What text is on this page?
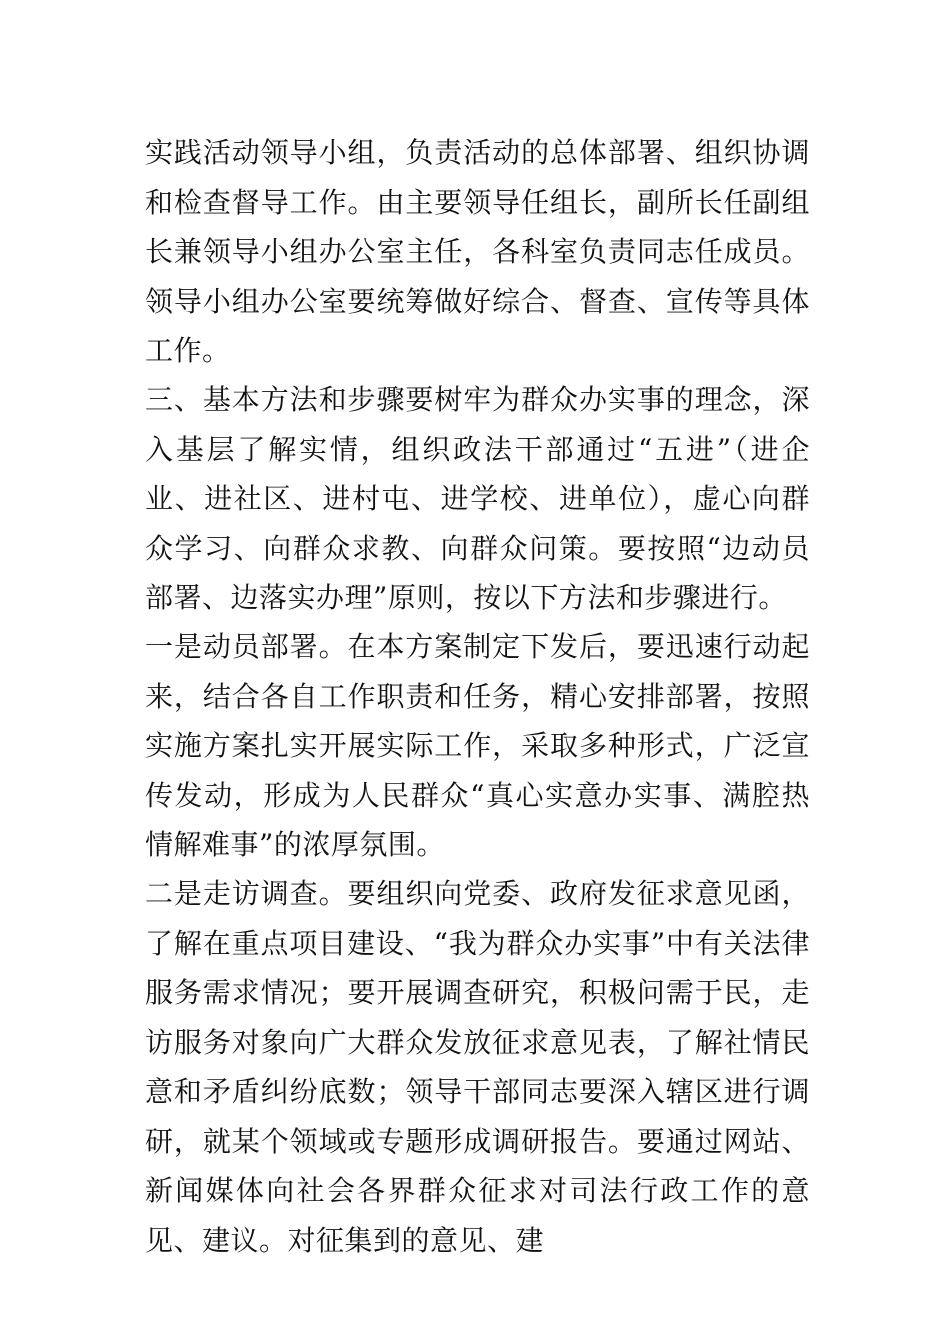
实践活动领导小组，负责活动的总体部署、组织协调和检查督导工作。由主要领导任组长，副所长任副组长兼领导小组办公室主任，各科室负责同志任成员。领导小组办公室要统筹做好综合、督查、宣传等具体工作。

三、基本方法和步骤要树牢为群众办实事的理念，深入基层了解实情，组织政法干部通过“五进”（进企业、进社区、进村屯、进学校、进单位），虚心向群众学习、向群众求教、向群众问策。要按照“边动员部署、边落实办理”原则，按以下方法和步骤进行。

一是动员部署。在本方案制定下发后，要迅速行动起来，结合各自工作职责和任务，精心安排部署，按照实施方案扎实开展实际工作，采取多种形式，广泛宣传发动，形成为人民群众“真心实意办实事、满腔热情解难事”的浓厚氛围。

二是走访调查。要组织向党委、政府发征求意见函，了解在重点项目建设、“我为群众办实事”中有关法律服务需求情况；要开展调查研究，积极问需于民，走访服务对象向广大群众发放征求意见表，了解社情民意和矛盾纠纷底数；领导干部同志要深入辖区进行调研，就某个领域或专题形成调研报告。要通过网站、新闻媒体向社会各界群众征求对司法行政工作的意见、建议。对征集到的意见、建
